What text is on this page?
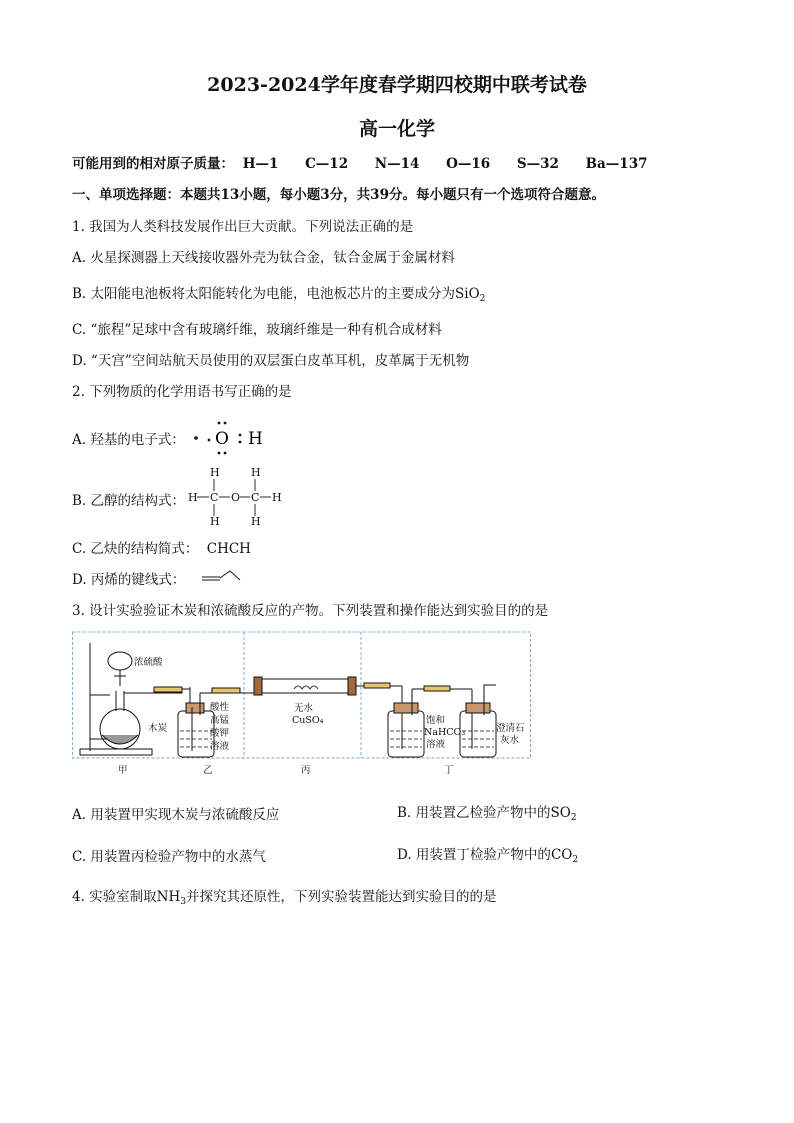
2023-2024学年度春学期四校期中联考试卷
高一化学
可能用到的相对原子质量： H—1 C—12 N—14 O—16 S—32 Ba—137
一、单项选择题：本题共13小题，每小题3分，共39分。每小题只有一个选项符合题意。
1. 我国为人类科技发展作出巨大贡献。下列说法正确的是
A. 火星探测器上天线接收器外壳为钛合金，钛合金属于金属材料
B. 太阳能电池板将太阳能转化为电能，电池板芯片的主要成分为SiO$_2$
C. “旅程”足球中含有玻璃纤维，玻璃纤维是一种有机合成材料
D. “天宫”空间站航天员使用的双层蛋白皮革耳机，皮革属于无机物
2. 下列物质的化学用语书写正确的是
A. 羟基的电子式： O H
B. 乙醇的结构式：
H	H
H C O C H
H	H
C. 乙炔的结构简式： CHCH
D. 丙烯的键线式：
3. 设计实验验证木炭和浓硫酸反应的产物。下列装置和操作能达到实验目的的是
浓硫酸
木炭
酸性
高锰
酸钾
溶液
无水
CuSO₄	饱和
NaHCO₃
溶液
澄清石
灰水
甲	乙	丙	丁
A. 用装置甲实现木炭与浓硫酸反应	B. 用装置乙检验产物中的$SO_2$
C. 用装置丙检验产物中的水蒸气	D. 用装置丁检验产物中的$CO_2$
4. 实验室制取$NH_3$并探究其还原性，下列实验装置能达到实验目的的是
